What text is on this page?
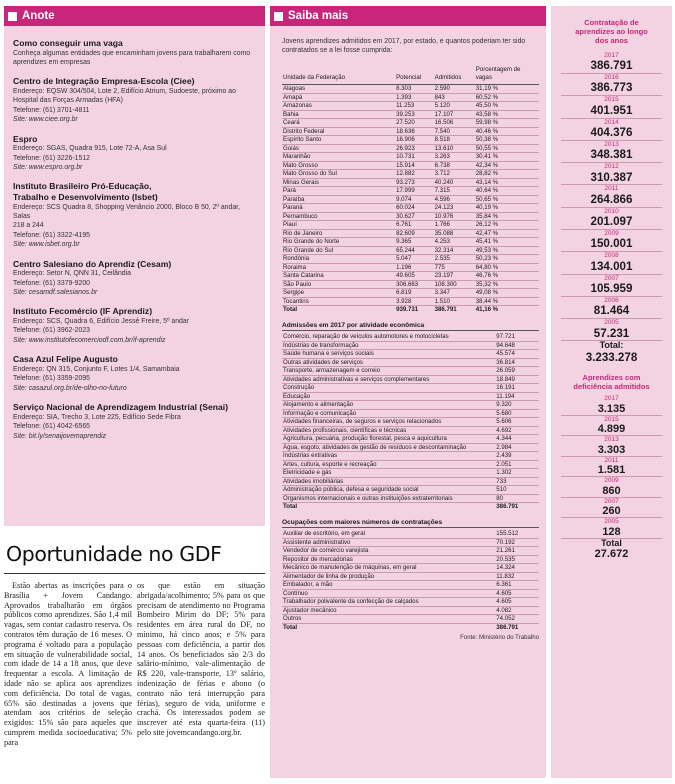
Anote
Como conseguir uma vaga
Conheça algumas entidades que encaminham jovens para trabalharem como
aprendizes em empresas
Centro de Integração Empresa-Escola (Ciee)
Endereço: EQSW 304/504, Lote 2, Edifício Atrium, Sudoeste, próximo ao
Hospital das Forças Armadas (HFA)
Telefone: (61) 3701-4811
Site: www.ciee.org.br
Espro
Endereço: SGAS, Quadra 915, Lote 72-A, Asa Sul
Telefone: (61) 3226-1512
Site: www.espro.org.br
Instituto Brasileiro Pró-Educação,
Trabalho e Desenvolvimento (Isbet)
Endereço: SCS Quadra 8, Shopping Venâncio 2000, Bloco B 50, 2º andar, Salas
218 a 244
Telefone: (61) 3322-4195
Site: www.isbet.org.br
Centro Salesiano do Aprendiz (Cesam)
Endereço: Setor N, QNN 31, Ceilândia
Telefone: (61) 3379-9200
Site: cesamdf.salesianos.br
Instituto Fecomércio (IF Aprendiz)
Endereço: SCS, Quadra 6, Edifício Jessé Freire, 5º andar
Telefone: (61) 3962-2023
Site: www.institutofecomerciodf.com.br/if-aprendiz
Casa Azul Felipe Augusto
Endereço: QN 315, Conjunto F, Lotes 1/4, Samambaia
Telefone: (61) 3359-2095
Site: casazul.org.br/de-olho-no-futuro
Serviço Nacional de Aprendizagem Industrial (Senai)
Endereço: SIA, Trecho 3, Lote 225, Edifício Sede Fibra
Telefone: (61) 4042-6565
Site: bit.ly/senaijovemaprendiz
Saiba mais

Jovens aprendizes admitidos em 2017, por estado, e quantos poderiam ter sido contratados se a lei fosse cumprida:

Unidade da Federação	Potencial	Admitidos	Porcentagem de vagas
Alagoas	8.303	2.590	31,19 %
Amapá	1.393	843	60,52 %
Amazonas	11.253	5.120	45,50 %
Bahia	39.253	17.107	43,58 %
Ceará	27.520	16.506	59,98 %
Distrito Federal	18.636	7.540	40,46 %
Espírito Santo	16.906	8.518	50,38 %
Goiás	26.923	13.610	50,55 %
Maranhão	10.731	3.263	30,41 %
Mato Grosso	15.914	6.738	42,34 %
Mato Grosso do Sul	12.882	3.712	28,82 %
Minas Gerais	93.273	40.240	43,14 %
Pará	17.999	7.315	40,64 %
Paraíba	9.074	4.596	50,65 %
Paraná	60.024	24.123	40,19 %
Pernambuco	30.627	10.976	35,84 %
Piauí	6.761	1.766	26,12 %
Rio de Janeiro	82.609	35.088	42,47 %
Rio Grande do Norte	9.365	4.253	45,41 %
Rio Grande do Sul	65.244	32.314	49,53 %
Rondônia	5.047	2.535	50,23 %
Roraima	1.196	775	64,80 %
Santa Catarina	49.605	23.197	46,76 %
São Paulo	306.663	108.300	35,32 %
Sergipe	6.819	3.347	49,08 %
Tocantins	3.928	1.510	38,44 %
Total	939.731	386.791	41,16 %
Admissões em 2017 por atividade econômica
Comércio, reparação de veículos automotores e motocicletas	97.721
Indústrias de transformação	94.648
Saúde humana e serviços sociais	45.574
Outras atividades de serviços	36.814
Transporte, armazenagem e correio	26.059
Atividades administrativas e serviços complementares	18.849
Construção	16.191
Educação	11.194
Alojamento e alimentação	9.320
Informação e comunicação	5.680
Atividades financeiras, de seguros e serviços relacionados	5.606
Atividades profissionais, científicas e técnicas	4.692
Agricultura, pecuária, produção florestal, pesca e aquicultura	4.344
Água, esgoto, atividades de gestão de resíduos e descontaminação	2.984
Indústrias extrativas	2.439
Artes, cultura, esporte e recreação	2.051
Eletricidade e gás	1.302
Atividades imobiliárias	733
Administração pública, defesa e seguridade social	510
Organismos internacionais e outras instituições extraterritoriais	80
Total	386.791
Ocupações com maiores números de contratações
Auxiliar de escritório, em geral	155.512
Assistente administrativo	70.192
Vendedor de comércio varejista	21.261
Repositor de mercadorias	20.535
Mecânico de manutenção de máquinas, em geral	14.324
Alimentador de linha de produção	11.832
Embalador, a mão	6.361
Contínuo	4.605
Trabalhador polivalente da confecção de calçados	4.605
Ajustador mecânico	4.082
Outros	74.052
Total	386.791
Fonte: Ministério do Trabalho
Contratação de
aprendizes ao longo
dos anos
2017
386.791
2016
386.773
2015
401.951
2014
404.376
2013
348.381
2012
310.387
2011
264.866
2010
201.097
2009
150.001
2008
134.001
2007
105.959
2006
81.464
2005
57.231
Total:
3.233.278
Aprendizes com
deficiência admitidos
2017
3.135
2015
4.899
2013
3.303
2011
1.581
2009
860
2007
260
2005
128
Total
27.672
Oportunidade no GDF

Estão abertas as inscrições para o Brasília + Jovem Candango. Aprovados trabalharão em órgãos públicos como aprendizes. São 1,4 mil vagas, sem contar cadastro reserva. Os contratos têm duração de 16 meses. O programa é voltado para a população em situação de vulnerabilidade social, com idade de 14 a 18 anos, que deve frequentar a escola. A limitação de idade não se aplica aos aprendizes com deficiência. Do total de vagas, 65% são destinadas a jovens que atendam aos critérios de seleção exigidos: 15% são para aqueles que cumprem medida socioeducativa; 5% para

os que estão em situação abrigada/acolhimento; 5% para os que precisam de atendimento no Programa Bombeiro Mirim do DF; 5% para residentes em área rural do DF, no mínimo, há cinco anos; e 5% para pessoas com deficiência, a partir dos 14 anos. Os beneficiados são 2/3 do salário-mínimo, vale-alimentação de R$ 220, vale-transporte, 13º salário, indenização de férias e abono (o contrato não terá interrupção para férias), seguro de vida, uniforme e crachá. Os interessados podem se inscrever até esta quarta-feira (11) pelo site jovemcandango.org.br.
